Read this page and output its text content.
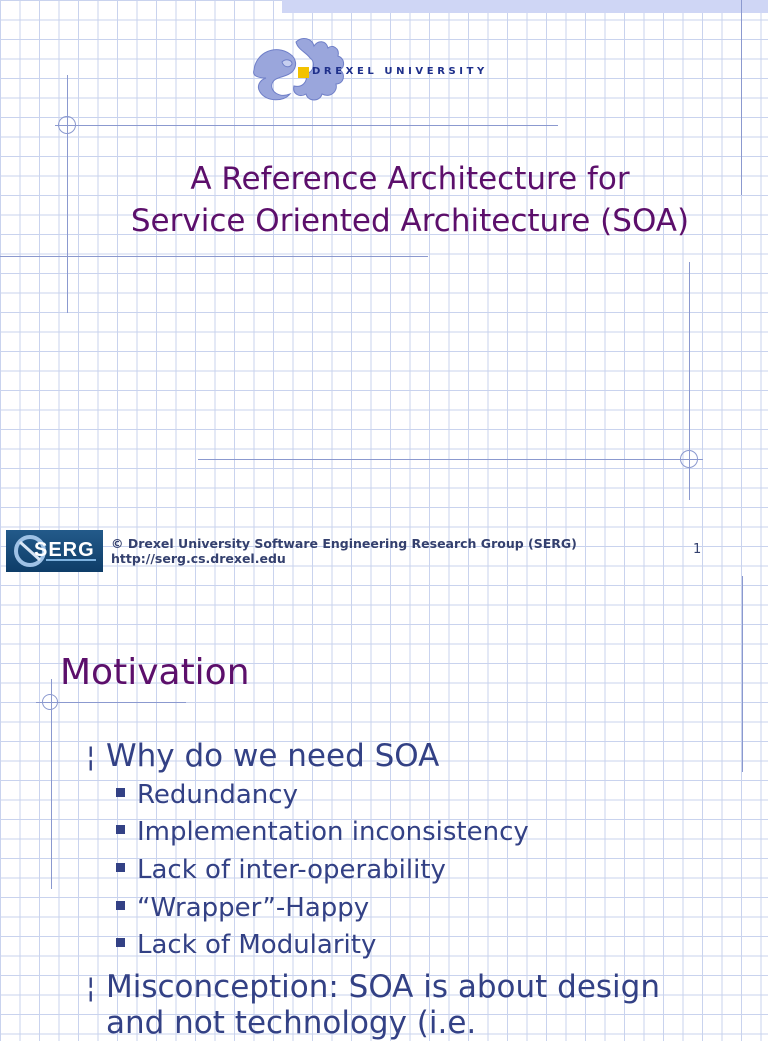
DREXEL UNIVERSITY
A Reference Architecture for
Service Oriented Architecture (SOA)
SERG © Drexel University Software Engineering Research Group (SERG)
http://serg.cs.drexel.edu
1
Motivation
¦ Why do we need SOA
Redundancy
Implementation inconsistency
Lack of inter-operability
“Wrapper”-Happy
Lack of Modularity
¦ Misconception: SOA is about design
and not technology (i.e.
